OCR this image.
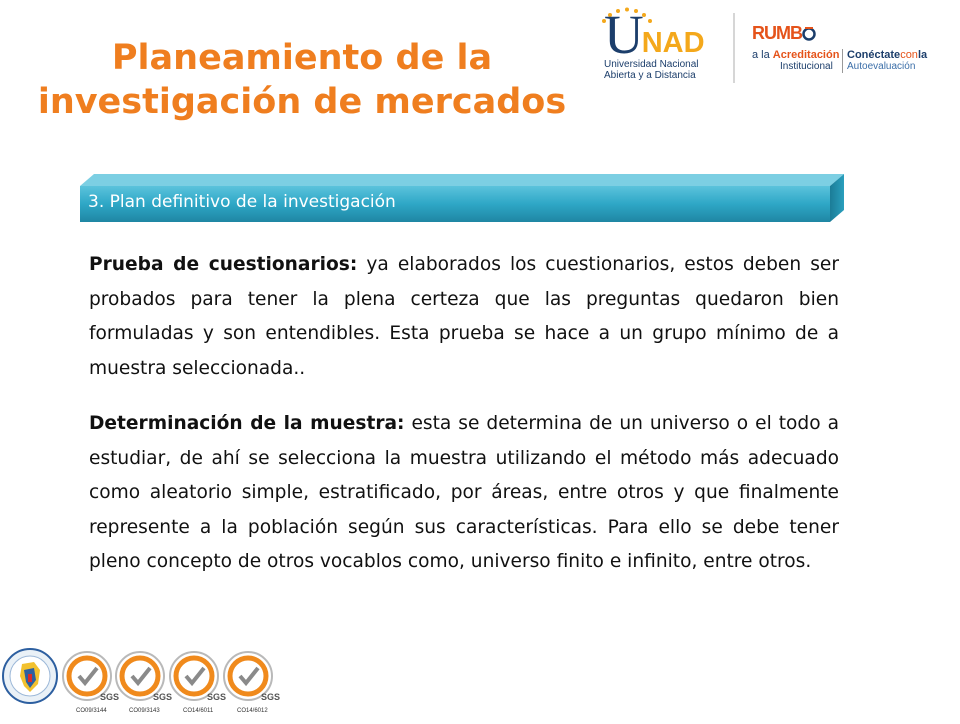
Planeamiento de la
investigación de mercados
$U^{NAD}$
Universidad Nacional
Abierta y a Distancia
RUMB
a la Acreditación
Institucional
Conéctateconla
Autoevaluación
3. Plan definitivo de la investigación
Prueba de cuestionarios: ya elaborados los cuestionarios, estos deben ser probados para tener la plena certeza que las preguntas quedaron bien formuladas y son entendibles. Esta prueba se hace a un grupo mínimo de a muestra seleccionada..
Determinación de la muestra: esta se determina de un universo o el todo a estudiar, de ahí se selecciona la muestra utilizando el método más adecuado como aleatorio simple, estratificado, por áreas, entre otros y que finalmente represente a la población según sus características. Para ello se debe tener pleno concepto de otros vocablos como, universo finito e infinito, entre otros.
SGS	SGS	SGS	SGS
CO09/3144	CO09/3143	CO14/6011	CO14/6012
